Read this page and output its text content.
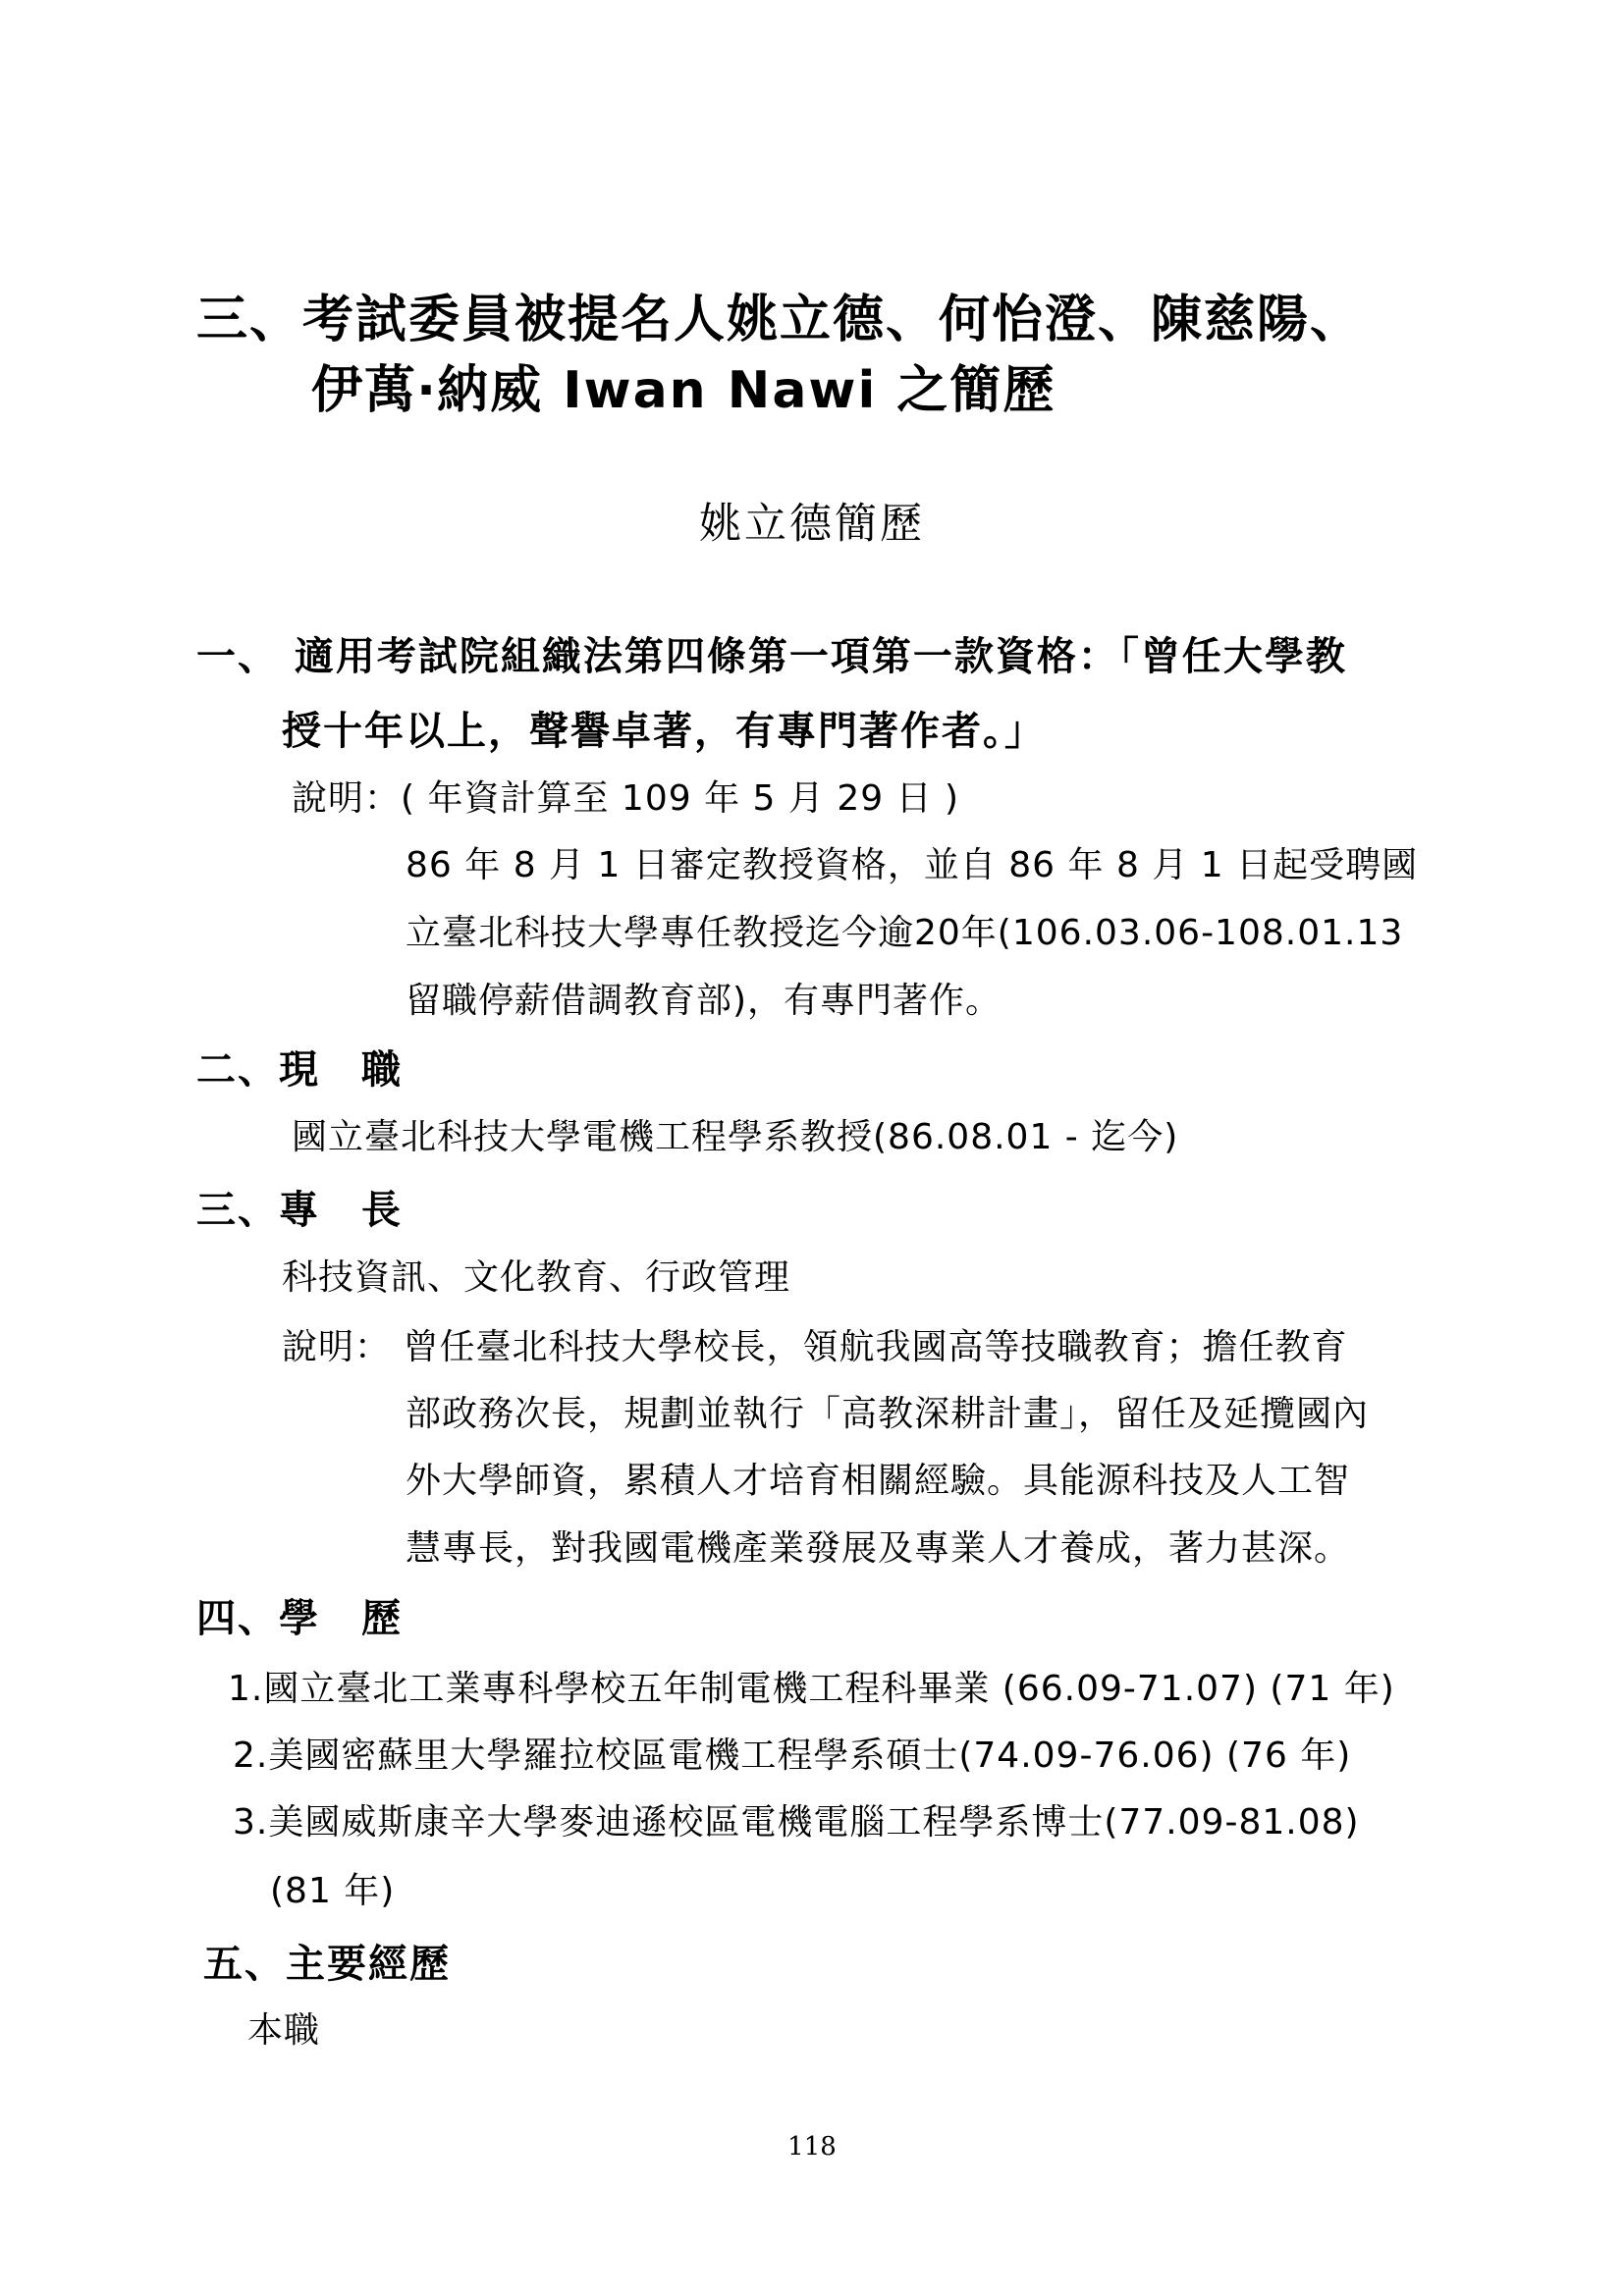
三、考試委員被提名人姚立德、何怡澄、陳慈陽、
伊萬‧納威 Iwan Nawi 之簡歷
姚立德簡歷
一、 適用考試院組織法第四條第一項第一款資格：「曾任大學教
授十年以上，聲譽卓著，有專門著作者。」
說明：( 年資計算至 109 年 5 月 29 日 )
86 年 8 月 1 日審定教授資格，並自 86 年 8 月 1 日起受聘國
立臺北科技大學專任教授迄今逾20年(106.03.06-108.01.13
留職停薪借調教育部)，有專門著作。
二、現　職
國立臺北科技大學電機工程學系教授(86.08.01 - 迄今)
三、專　長
科技資訊、文化教育、行政管理
說明： 曾任臺北科技大學校長，領航我國高等技職教育；擔任教育
部政務次長，規劃並執行「高教深耕計畫」，留任及延攬國內
外大學師資，累積人才培育相關經驗。具能源科技及人工智
慧專長，對我國電機產業發展及專業人才養成，著力甚深。
四、學　歷
1.國立臺北工業專科學校五年制電機工程科畢業 (66.09-71.07) (71 年)
2.美國密蘇里大學羅拉校區電機工程學系碩士(74.09-76.06) (76 年)
3.美國威斯康辛大學麥迪遜校區電機電腦工程學系博士(77.09-81.08)
(81 年)
五、主要經歷
本職
118
